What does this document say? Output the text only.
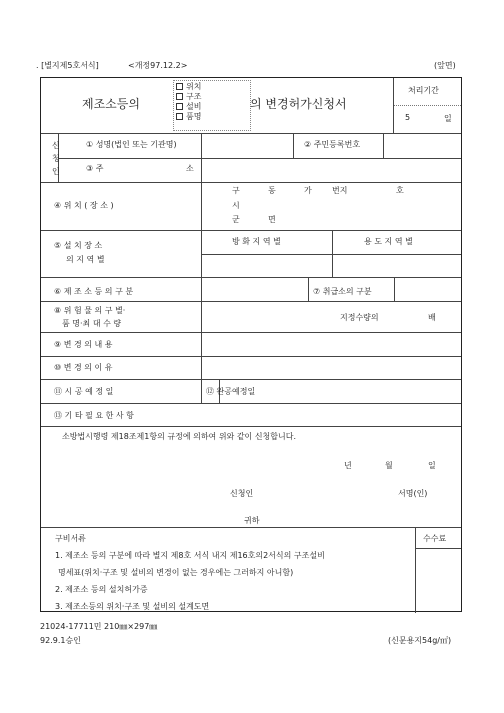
. [별지제5호서식]	<개정97.12.2>	(앞면)
제조소등의
위치
구조
설비
품명
의 변경허가신청서
처리기간
5	일
신
청
인
① 성명(법인 또는 기관명)	② 주민등록번호
③ 주	소
④ 위 치 ( 장 소 )
구	동	가	번지	호
시
군	면
⑤ 설 치 장 소
의 지 역 별
방 화 지 역 별	용 도 지 역 별
⑥ 제 조 소 등 의 구 분	⑦ 취급소의 구분
⑧ 위 험 물 의 구 별·
품 명·최 대 수 량
지정수량의	배
⑨ 변 경 의 내 용
⑩ 변 경 의 이 유
⑪ 시 공 예 정 일	⑫ 완공예정일
⑬ 기 타 필 요 한 사 항
소방법시행령 제18조제1항의 규정에 의하여 위와 같이 신청합니다.
년	월	일
신청인	서명(인)
귀하
구비서류	수수료
1. 제조소 등의 구분에 따라 별지 제8호 서식 내지 제16호의2서식의 구조설비
명세표(위치·구조 및 설비의 변경이 없는 경우에는 그러하지 아니함)
2. 제조소 등의 설치허가증
3. 제조소등의 위치·구조 및 설비의 설계도면
21024-17711민 210㎜×297㎜
92.9.1승인	(신문용지54g/㎡)
